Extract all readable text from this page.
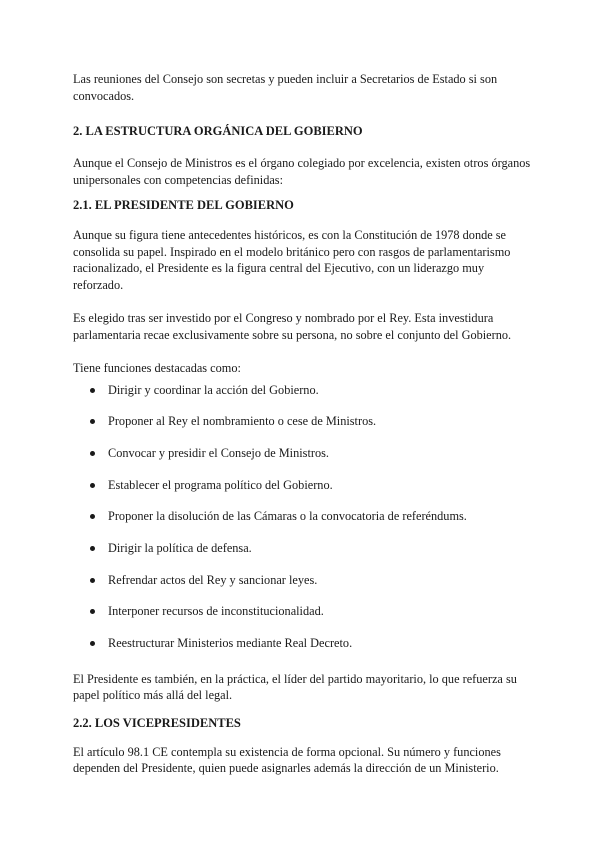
Las reuniones del Consejo son secretas y pueden incluir a Secretarios de Estado si son convocados.

2. LA ESTRUCTURA ORGÁNICA DEL GOBIERNO

Aunque el Consejo de Ministros es el órgano colegiado por excelencia, existen otros órganos unipersonales con competencias definidas:

2.1. EL PRESIDENTE DEL GOBIERNO

Aunque su figura tiene antecedentes históricos, es con la Constitución de 1978 donde se consolida su papel. Inspirado en el modelo británico pero con rasgos de parlamentarismo racionalizado, el Presidente es la figura central del Ejecutivo, con un liderazgo muy reforzado.

Es elegido tras ser investido por el Congreso y nombrado por el Rey. Esta investidura parlamentaria recae exclusivamente sobre su persona, no sobre el conjunto del Gobierno.

Tiene funciones destacadas como:

Dirigir y coordinar la acción del Gobierno.
Proponer al Rey el nombramiento o cese de Ministros.
Convocar y presidir el Consejo de Ministros.
Establecer el programa político del Gobierno.
Proponer la disolución de las Cámaras o la convocatoria de referéndums.
Dirigir la política de defensa.
Refrendar actos del Rey y sancionar leyes.
Interponer recursos de inconstitucionalidad.
Reestructurar Ministerios mediante Real Decreto.

El Presidente es también, en la práctica, el líder del partido mayoritario, lo que refuerza su papel político más allá del legal.

2.2. LOS VICEPRESIDENTES

El artículo 98.1 CE contempla su existencia de forma opcional. Su número y funciones dependen del Presidente, quien puede asignarles además la dirección de un Ministerio.
